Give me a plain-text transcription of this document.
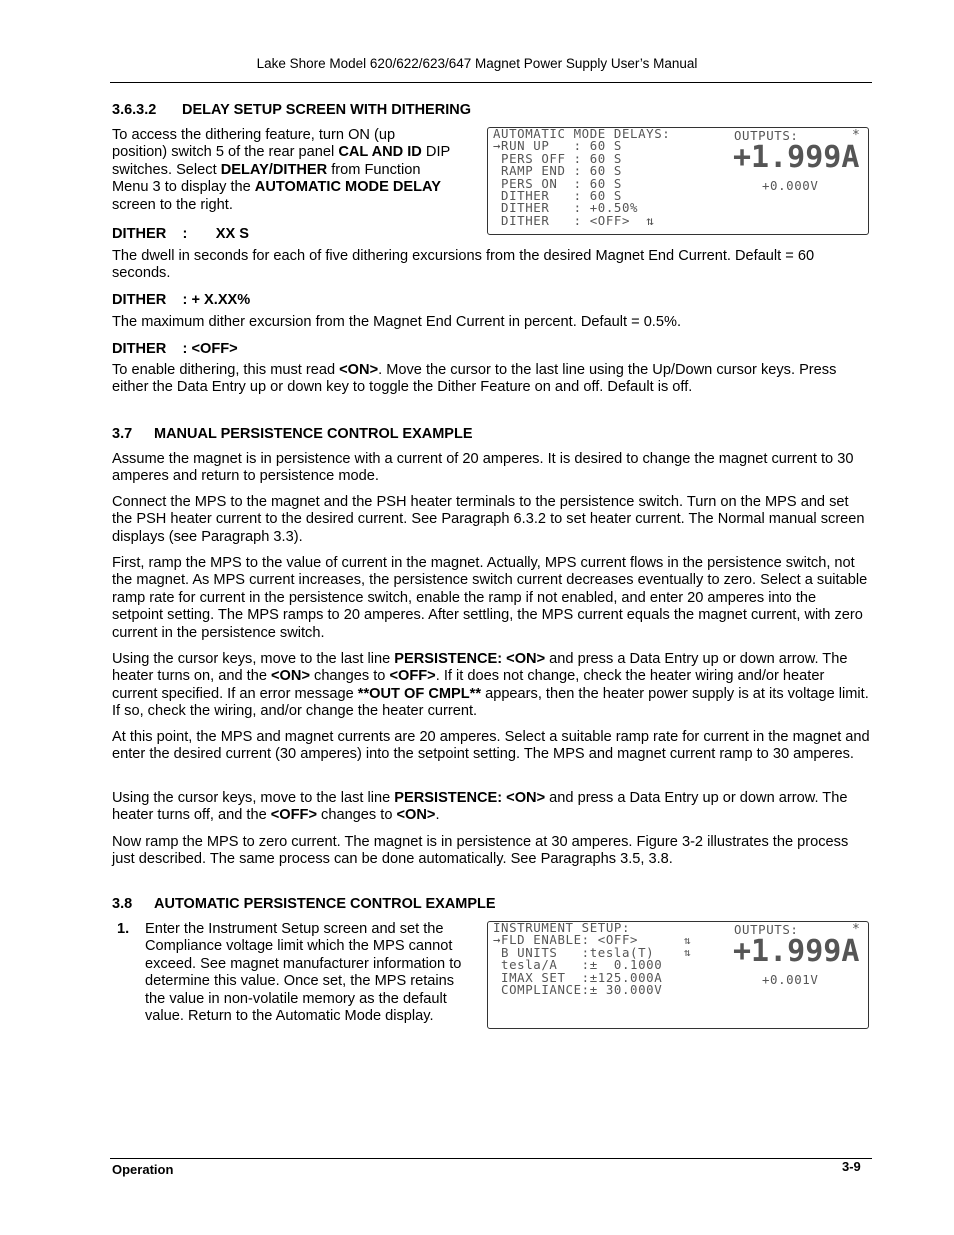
Lake Shore Model 620/622/623/647 Magnet Power Supply User’s Manual
3.6.3.2 DELAY SETUP SCREEN WITH DITHERING
To access the dithering feature, turn ON (up
position) switch 5 of the rear panel CAL AND ID DIP
switches. Select DELAY/DITHER from Function
Menu 3 to display the AUTOMATIC MODE DELAY
screen to the right.
AUTOMATIC MODE DELAYS:
→RUN UP   : 60 S
PERS OFF : 60 S
RAMP END : 60 S
PERS ON  : 60 S
DITHER   : 60 S
DITHER   : +0.50%
DITHER   : <OFF>  ⇅
OUTPUTS:	*
+1.999A
+0.000V
DITHER    :       XX S
The dwell in seconds for each of five dithering excursions from the desired Magnet End Current. Default = 60 seconds.
DITHER    : + X.XX%
The maximum dither excursion from the Magnet End Current in percent. Default = 0.5%.
DITHER    : <OFF>
To enable dithering, this must read <ON>. Move the cursor to the last line using the Up/Down cursor keys. Press either the Data Entry up or down key to toggle the Dither Feature on and off. Default is off.
3.7 MANUAL PERSISTENCE CONTROL EXAMPLE
Assume the magnet is in persistence with a current of 20 amperes. It is desired to change the magnet current to 30 amperes and return to persistence mode.
Connect the MPS to the magnet and the PSH heater terminals to the persistence switch. Turn on the MPS and set the PSH heater current to the desired current. See Paragraph 6.3.2 to set heater current. The Normal manual screen displays (see Paragraph 3.3).
First, ramp the MPS to the value of current in the magnet. Actually, MPS current flows in the persistence switch, not the magnet. As MPS current increases, the persistence switch current decreases eventually to zero. Select a suitable ramp rate for current in the persistence switch, enable the ramp if not enabled, and enter 20 amperes into the setpoint setting. The MPS ramps to 20 amperes. After settling, the MPS current equals the magnet current, with zero current in the persistence switch.
Using the cursor keys, move to the last line PERSISTENCE: <ON> and press a Data Entry up or down arrow. The heater turns on, and the <ON> changes to <OFF>. If it does not change, check the heater wiring and/or heater current specified. If an error message **OUT OF CMPL** appears, then the heater power supply is at its voltage limit. If so, check the wiring, and/or change the heater current.
At this point, the MPS and magnet currents are 20 amperes. Select a suitable ramp rate for current in the magnet and enter the desired current (30 amperes) into the setpoint setting. The MPS and magnet current ramp to 30 amperes.
Using the cursor keys, move to the last line PERSISTENCE: <ON> and press a Data Entry up or down arrow. The heater turns off, and the <OFF> changes to <ON>.
Now ramp the MPS to zero current. The magnet is in persistence at 30 amperes. Figure 3-2 illustrates the process just described. The same process can be done automatically. See Paragraphs 3.5, 3.8.
3.8 AUTOMATIC PERSISTENCE CONTROL EXAMPLE
1. Enter the Instrument Setup screen and set the Compliance voltage limit which the MPS cannot exceed. See magnet manufacturer information to determine this value. Once set, the MPS retains the value in non-volatile memory as the default value. Return to the Automatic Mode display.
INSTRUMENT SETUP:
→FLD ENABLE: <OFF>
B UNITS   :tesla(T)
tesla/A   :±  0.1000
IMAX SET  :±125.000A
COMPLIANCE:± 30.000V
⇅
⇅
OUTPUTS:	*
+1.999A
+0.001V
Operation	3-9
